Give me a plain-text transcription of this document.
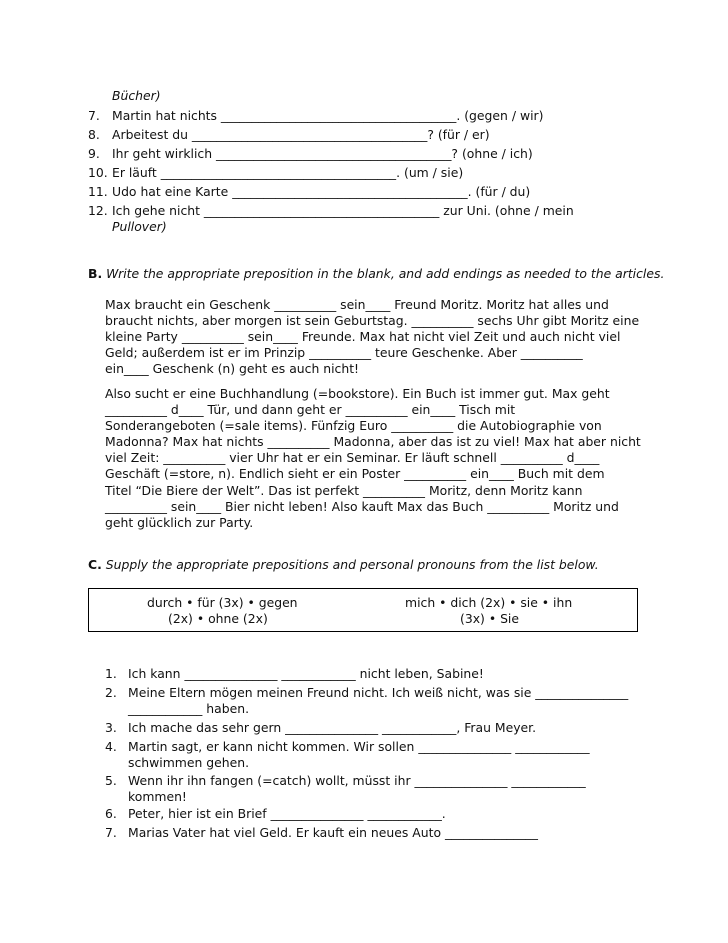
Bücher)
7. Martin hat nichts ______________________________________. (gegen / wir)
8. Arbeitest du ______________________________________? (für / er)
9. Ihr geht wirklich ______________________________________? (ohne / ich)
10. Er läuft ______________________________________. (um / sie)
11. Udo hat eine Karte ______________________________________. (für / du)
12. Ich gehe nicht ______________________________________ zur Uni. (ohne / mein
Pullover)
B. Write the appropriate preposition in the blank, and add endings as needed to the articles.
Max braucht ein Geschenk __________ sein____ Freund Moritz. Moritz hat alles und
braucht nichts, aber morgen ist sein Geburtstag. __________ sechs Uhr gibt Moritz eine
kleine Party __________ sein____ Freunde. Max hat nicht viel Zeit und auch nicht viel
Geld; außerdem ist er im Prinzip __________ teure Geschenke. Aber __________
ein____ Geschenk (n) geht es auch nicht!
Also sucht er eine Buchhandlung (=bookstore). Ein Buch ist immer gut. Max geht
__________ d____ Tür, und dann geht er __________ ein____ Tisch mit
Sonderangeboten (=sale items). Fünfzig Euro __________ die Autobiographie von
Madonna? Max hat nichts __________ Madonna, aber das ist zu viel! Max hat aber nicht
viel Zeit: __________ vier Uhr hat er ein Seminar. Er läuft schnell __________ d____
Geschäft (=store, n). Endlich sieht er ein Poster __________ ein____ Buch mit dem
Titel “Die Biere der Welt”. Das ist perfekt __________ Moritz, denn Moritz kann
__________ sein____ Bier nicht leben! Also kauft Max das Buch __________ Moritz und
geht glücklich zur Party.
C. Supply the appropriate prepositions and personal pronouns from the list below.
durch • für (3x) • gegen
(2x) • ohne (2x)
mich • dich (2x) • sie • ihn
(3x) • Sie
1. Ich kann _______________ ____________ nicht leben, Sabine!
2. Meine Eltern mögen meinen Freund nicht. Ich weiß nicht, was sie _______________
____________ haben.
3. Ich mache das sehr gern _______________ ____________, Frau Meyer.
4. Martin sagt, er kann nicht kommen. Wir sollen _______________ ____________
schwimmen gehen.
5. Wenn ihr ihn fangen (=catch) wollt, müsst ihr _______________ ____________
kommen!
6. Peter, hier ist ein Brief _______________ ____________.
7. Marias Vater hat viel Geld. Er kauft ein neues Auto _______________
